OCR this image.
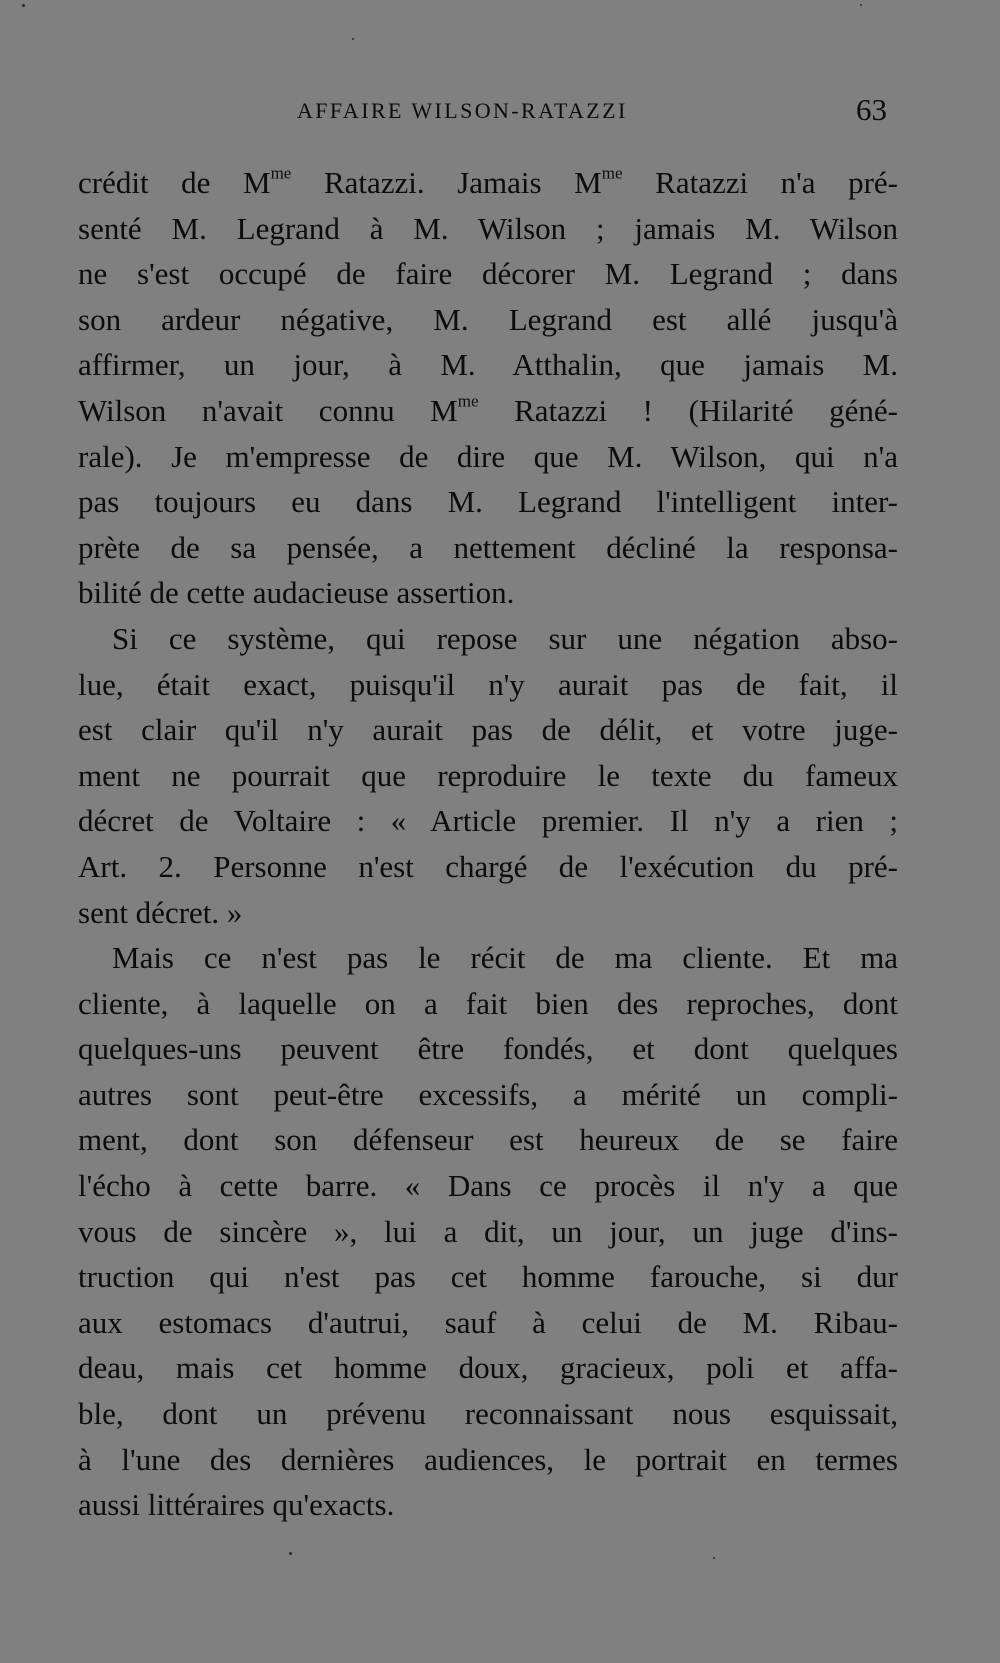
AFFAIRE WILSON-RATAZZI	63
crédit de $M^{me}$ Ratazzi. Jamais $M^{me}$ Ratazzi n'a pré-
senté M. Legrand à M. Wilson ; jamais M. Wilson
ne s'est occupé de faire décorer M. Legrand ; dans
son ardeur négative, M. Legrand est allé jusqu'à
affirmer, un jour, à M. Atthalin, que jamais M.
Wilson n'avait connu $M^{me}$ Ratazzi ! (Hilarité géné-
rale). Je m'empresse de dire que M. Wilson, qui n'a
pas toujours eu dans M. Legrand l'intelligent inter-
prète de sa pensée, a nettement décliné la responsa-
bilité de cette audacieuse assertion.
Si ce système, qui repose sur une négation abso-
lue, était exact, puisqu'il n'y aurait pas de fait, il
est clair qu'il n'y aurait pas de délit, et votre juge-
ment ne pourrait que reproduire le texte du fameux
décret de Voltaire : « Article premier. Il n'y a rien ;
Art. 2. Personne n'est chargé de l'exécution du pré-
sent décret. »
Mais ce n'est pas le récit de ma cliente. Et ma
cliente, à laquelle on a fait bien des reproches, dont
quelques-uns peuvent être fondés, et dont quelques
autres sont peut-être excessifs, a mérité un compli-
ment, dont son défenseur est heureux de se faire
l'écho à cette barre. « Dans ce procès il n'y a que
vous de sincère », lui a dit, un jour, un juge d'ins-
truction qui n'est pas cet homme farouche, si dur
aux estomacs d'autrui, sauf à celui de M. Ribau-
deau, mais cet homme doux, gracieux, poli et affa-
ble, dont un prévenu reconnaissant nous esquissait,
à l'une des dernières audiences, le portrait en termes
aussi littéraires qu'exacts.
